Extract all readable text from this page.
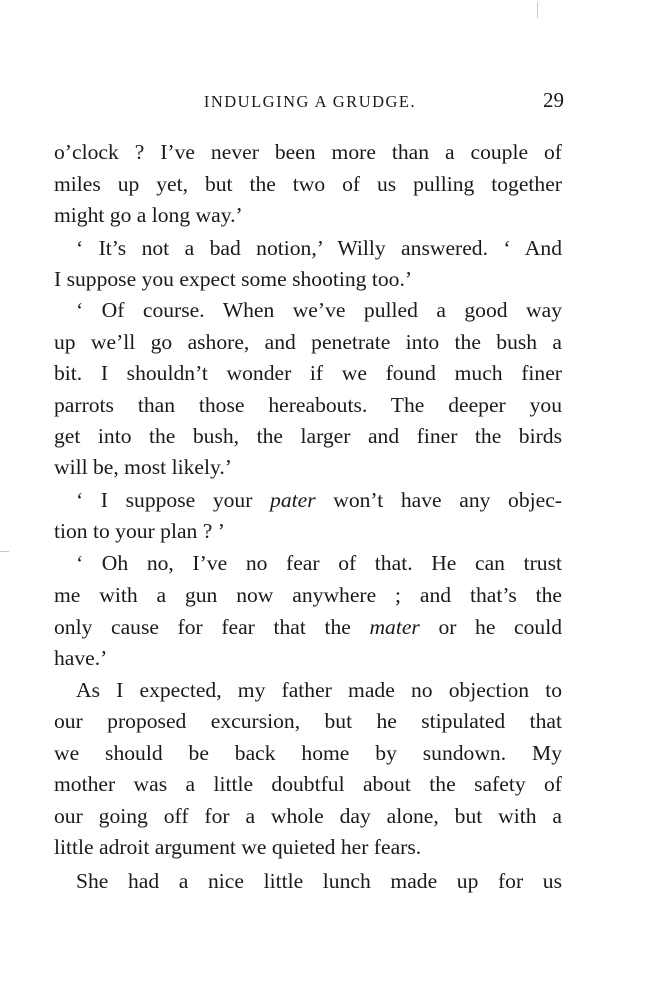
INDULGING A GRUDGE.	29
o’clock ? I’ve never been more than a couple of
miles up yet, but the two of us pulling together
might go a long way.’
‘ It’s not a bad notion,’ Willy answered. ‘ And
I suppose you expect some shooting too.’
‘ Of course. When we’ve pulled a good way
up we’ll go ashore, and penetrate into the bush a
bit. I shouldn’t wonder if we found much finer
parrots than those hereabouts. The deeper you
get into the bush, the larger and finer the birds
will be, most likely.’
‘ I suppose your pater won’t have any objec-
tion to your plan ? ’
‘ Oh no, I’ve no fear of that. He can trust
me with a gun now anywhere ; and that’s the
only cause for fear that the mater or he could
have.’
As I expected, my father made no objection to
our proposed excursion, but he stipulated that
we should be back home by sundown. My
mother was a little doubtful about the safety of
our going off for a whole day alone, but with a
little adroit argument we quieted her fears.
She had a nice little lunch made up for us
